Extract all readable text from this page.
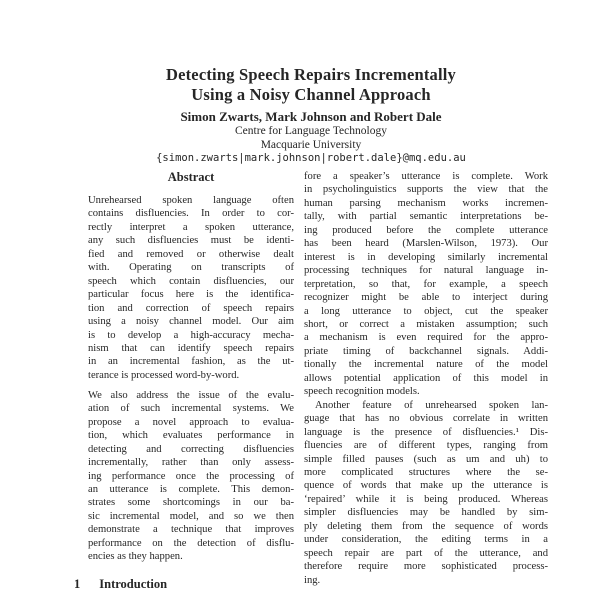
Detecting Speech Repairs Incrementally
Using a Noisy Channel Approach
Simon Zwarts, Mark Johnson and Robert Dale
Centre for Language Technology
Macquarie University
{simon.zwarts|mark.johnson|robert.dale}@mq.edu.au
Abstract
Unrehearsed spoken language often
contains disfluencies. In order to cor-
rectly interpret a spoken utterance,
any such disfluencies must be identi-
fied and removed or otherwise dealt
with. Operating on transcripts of
speech which contain disfluencies, our
particular focus here is the identifica-
tion and correction of speech repairs
using a noisy channel model. Our aim
is to develop a high-accuracy mecha-
nism that can identify speech repairs
in an incremental fashion, as the ut-
terance is processed word-by-word.
We also address the issue of the evalu-
ation of such incremental systems. We
propose a novel approach to evalua-
tion, which evaluates performance in
detecting and correcting disfluencies
incrementally, rather than only assess-
ing performance once the processing of
an utterance is complete. This demon-
strates some shortcomings in our ba-
sic incremental model, and so we then
demonstrate a technique that improves
performance on the detection of disflu-
encies as they happen.
1 Introduction
fore a speaker’s utterance is complete. Work
in psycholinguistics supports the view that the
human parsing mechanism works incremen-
tally, with partial semantic interpretations be-
ing produced before the complete utterance
has been heard (Marslen-Wilson, 1973). Our
interest is in developing similarly incremental
processing techniques for natural language in-
terpretation, so that, for example, a speech
recognizer might be able to interject during
a long utterance to object, cut the speaker
short, or correct a mistaken assumption; such
a mechanism is even required for the appro-
priate timing of backchannel signals. Addi-
tionally the incremental nature of the model
allows potential application of this model in
speech recognition models.
Another feature of unrehearsed spoken lan-
guage that has no obvious correlate in written
language is the presence of disfluencies.¹ Dis-
fluencies are of different types, ranging from
simple filled pauses (such as um and uh) to
more complicated structures where the se-
quence of words that make up the utterance is
‘repaired’ while it is being produced. Whereas
simpler disfluencies may be handled by sim-
ply deleting them from the sequence of words
under consideration, the editing terms in a
speech repair are part of the utterance, and
therefore require more sophisticated process-
ing.
